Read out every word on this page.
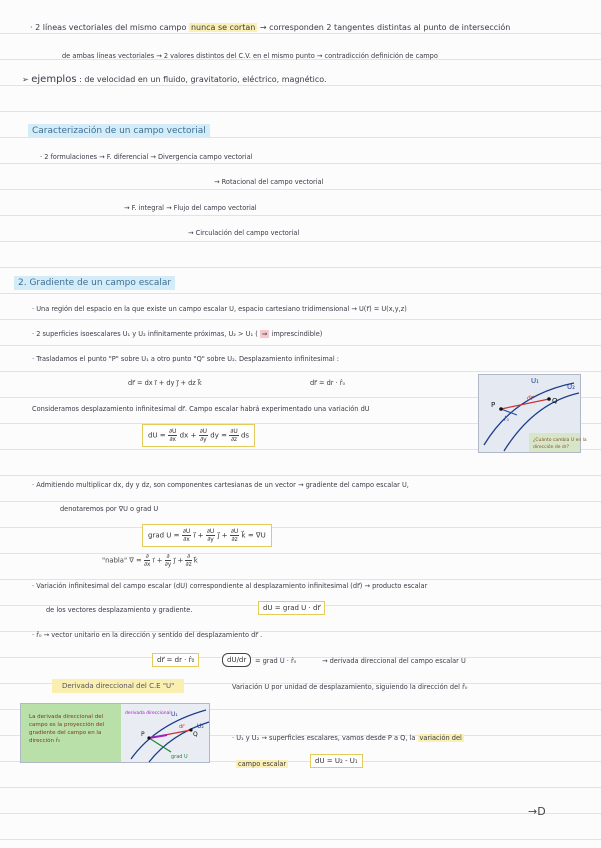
· 2 líneas vectoriales del mismo campo nunca se cortan → corresponden 2 tangentes distintas al punto de intersección
de ambas líneas vectoriales → 2 valores distintos del C.V. en el mismo punto → contradicción definición de campo
➢ ejemplos : de velocidad en un fluido, gravitatorio, eléctrico, magnético.
Caracterización de un campo vectorial
· 2 formulaciones → F. diferencial → Divergencia campo vectorial
→ Rotacional del campo vectorial
→ F. integral → Flujo del campo vectorial
→ Circulación del campo vectorial
2. Gradiente de un campo escalar
· Una región del espacio en la que existe un campo escalar U, espacio cartesiano tridimensional → U(r⃗) = U(x,y,z)
· 2 superficies isoescalares U₁ y U₂ infinitamente próximas, U₂ > U₁ ( ⇒ imprescindible)
· Trasladamos el punto "P" sobre U₁ a otro punto "Q" sobre U₂. Desplazamiento infinitesimal :
dr⃗ = dx i⃗ + dy j⃗ + dz k⃗	dr⃗ = dr · r̂₀
Consideramos desplazamiento infinitesimal dr⃗. Campo escalar habrá experimentado una variación dU
dU = $\frac{\partial U}{\partial x}$ dx + $\frac{\partial U}{\partial y}$ dy = $\frac{\partial U}{\partial z}$ ds
U₁
U₂
P	Q
dr⃗
r̂₀
¿Cuánto cambia U en la
dirección de dr?
· Admitiendo multiplicar dx, dy y dz, son componentes cartesianas de un vector → gradiente del campo escalar U,
denotaremos por ∇U o grad U
grad $U = \frac{\partial U}{\partial x}$ i⃗ + $\frac{\partial U}{\partial y}$ j⃗ + $\frac{\partial U}{\partial z}$ k⃗ = ∇U
"nabla" ∇ = $\frac{\partial}{\partial x}$ i⃗ + $\frac{\partial}{\partial y}$ j⃗ + $\frac{\partial}{\partial z}$ k⃗
· Variación infinitesimal del campo escalar (dU) correspondiente al desplazamiento infinitesimal (dr⃗) → producto escalar
de los vectores desplazamiento y gradiente.	dU = grad U · dr⃗
· r̂₀ → vector unitario en la dirección y sentido del desplazamiento dr⃗ .
dr⃗ = dr · r̂₀	dU/dr	= grad U · r̂₀	→ derivada direccional del campo escalar U
Derivada direccional del C.E "U"	Variación U por unidad de desplazamiento, siguiendo la dirección del r̂₀
La derivada direccional del
campo es la proyección del
gradiente del campo en la
dirección r̂₀
derivada direccional U₁
U₂
P	Q
grad U
dr⃗
· U₁ y U₂ → superficies escalares, vamos desde P a Q, la variación del
campo escalar	dU = U₂ - U₁
→D
